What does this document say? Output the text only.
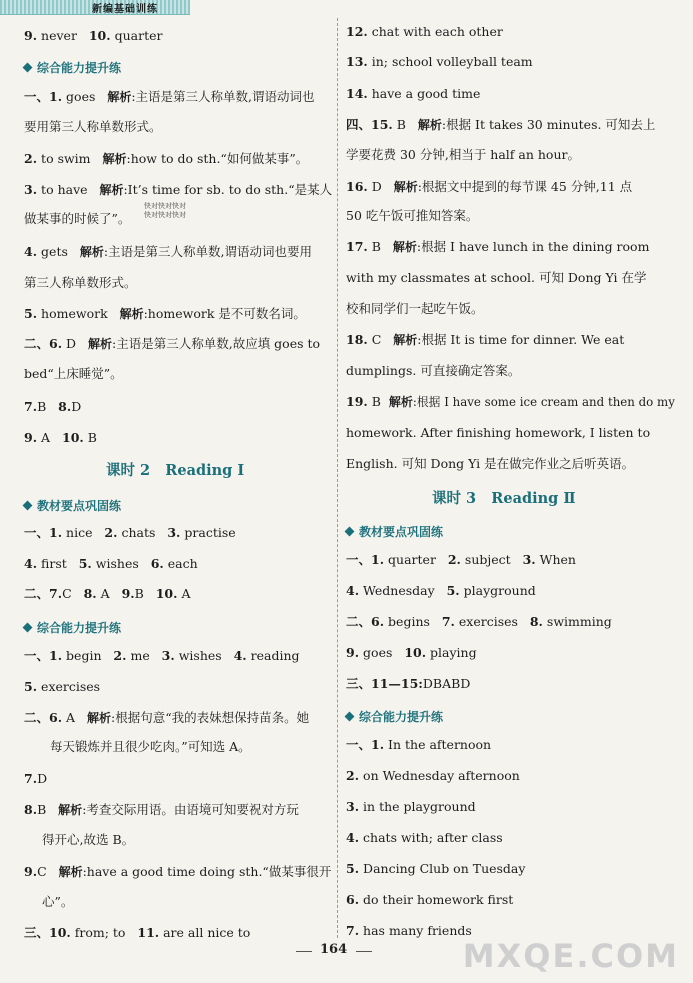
新编基础训练
9. never 10. quarter
综合能力提升练
一、1. goes 解析:主语是第三人称单数,谓语动词也
要用第三人称单数形式。
2. to swim 解析:how to do sth.“如何做某事”。
3. to have 解析:It’s time for sb. to do sth.“是某人
做某事的时候了”。
快对快对快对
快对快对快对
4. gets 解析:主语是第三人称单数,谓语动词也要用
第三人称单数形式。
5. homework 解析:homework 是不可数名词。
二、6. D 解析:主语是第三人称单数,故应填 goes to
bed“上床睡觉”。
7.B 8.D
9. A 10. B
课时 2 Reading Ⅰ
教材要点巩固练
一、1. nice 2. chats 3. practise
4. first 5. wishes 6. each
二、7.C 8. A 9.B 10. A
综合能力提升练
一、1. begin 2. me 3. wishes 4. reading
5. exercises
二、6. A 解析:根据句意“我的表妹想保持苗条。她
每天锻炼并且很少吃肉。”可知选 A。
7.D
8.B 解析:考查交际用语。由语境可知要祝对方玩
得开心,故选 B。
9.C 解析:have a good time doing sth.“做某事很开
心”。
三、10. from; to 11. are all nice to
12. chat with each other
13. in; school volleyball team
14. have a good time
四、15. B 解析:根据 It takes 30 minutes. 可知去上
学要花费 30 分钟,相当于 half an hour。
16. D 解析:根据文中提到的每节课 45 分钟,11 点
50 吃午饭可推知答案。
17. B 解析:根据 I have lunch in the dining room
with my classmates at school. 可知 Dong Yi 在学
校和同学们一起吃午饭。
18. C 解析:根据 It is time for dinner. We eat
dumplings. 可直接确定答案。
19. B 解析:根据 I have some ice cream and then do my
homework. After finishing homework, I listen to
English. 可知 Dong Yi 是在做完作业之后听英语。
课时 3 Reading Ⅱ
教材要点巩固练
一、1. quarter 2. subject 3. When
4. Wednesday 5. playground
二、6. begins 7. exercises 8. swimming
9. goes 10. playing
三、11—15:DBABD
综合能力提升练
一、1. In the afternoon
2. on Wednesday afternoon
3. in the playground
4. chats with; after class
5. Dancing Club on Tuesday
6. do their homework first
7. has many friends
164	MXQE.COM
